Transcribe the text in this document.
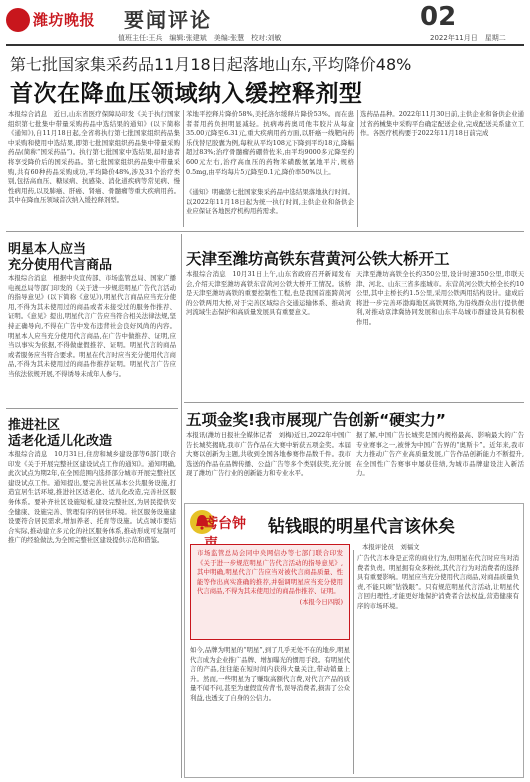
潍坊晚报 要闻评论
值班主任:王兵　编辑:张建斌　美编:张慧　校对:刘敏
02
2022年11月日　星期二
第七批国家集采药品11月18日起落地山东,平均降价48%
首次在降血压领域纳入缓控释剂型
本报综合消息　近日,山东省医疗保障局印发《关于执行国家组织第七批集中带量采购药品中选结果的通知》(以下简称《通知》),自11月18日起,全省将执行第七批国家组织药品集中采购和使用中选结果,即第七批国家组织药品集中带量采购药品(简称“国采药品”)。执行第七批国家中选结果,届时患者将享受降价后的国采药品。第七批国家组织药品集中带量采购,共有60种药品采购成功,平均降价48%,涉及31个治疗类别,包括高血压、糖尿病、抗感染、消化道疾病等常见病、慢性病用药,以及肺癌、肝癌、肾癌、骨髓瘤等重大疾病用药。其中在降血压领域首次纳入缓控释剂型。
苯地平控释片降价58%,美托洛尔缓释片降价53%。而在患者者用药负担明显减轻。抗病毒药奥司他韦胶片从每盒35.00元降至6.31元,重大疾病用药方面,以肝癌一线靶向药乐伐替尼胶囊为例,每粒从平均108元下降到平均18元,降幅超过83%;治疗骨髓瘤药硼替佐米,由平均9000多元降至约600元左右,治疗高血压的药物苯磺酸氨氯地平片,规格0.5mg,由平均每片5元降至0.1元,降价率50%以上。
《通知》明确第七批国家集采药品中选结果落地执行时间。以2022年11月18日起为统一执行时间,主供企业和备供企业应保证各地医疗机构用药需求。
选药品品种。2022年11月30日前,主供企业和备供企业通过省药械集中采购平台确定配送企业,完成配送关系建立工作。各医疗机构要于2022年11月18日前完成
明星本人应当
充分使用代言商品
本报综合消息　根据中央宣传部、市场监管总局、国家广播电视总局等部门印发的《关于进一步规范明星广告代言活动的指导意见》(以下简称《意见》),明星代言商品应当充分使用,不得为其未使用过的商品或者未接受过的服务作推荐、证明。《意见》提出,明星代言广告应当符合相关法律法规,坚持正确导向,不得在广告中发布违背社会良好风尚的内容。明星本人应当充分使用代言商品,在广告中做推荐、证明,应当以事实为依据,不得做虚假推荐、证明。明星代言的商品或者服务应当符合要求。明星在代言时应当充分使用代言商品,不得为其未使用过的商品作推荐证明。明星代言广告应当依法依规开展,不得诱导未成年人参与。
推进社区
适老化适儿化改造
本报综合消息　10月31日,住房和城乡建设部等6部门联合印发《关于开展完整社区建设试点工作的通知》。通知明确,此次试点为期2年,在全国范围内选择部分城市开展完整社区建设试点工作。通知提出,要完善社区基本公共服务设施,打造宜居生活环境,推进社区适老化、适儿化改造,完善社区服务体系。要补齐社区设施短板,建设完整社区,为居民提供安全健康、设施完善、管理有序的居住环境。社区服务设施建设要符合居民需求,增加养老、托育等设施。试点城市要结合实际,推动建立多元化的社区服务体系,推动形成可复制可推广的经验做法,为全国完整社区建设提供示范和借鉴。
天津至潍坊高铁东营黄河公铁大桥开工
本报综合消息　10月31日上午,山东省政府召开新闻发布会,介绍天津至潍坊高铁东营黄河公铁大桥开工情况。该桥是天津至潍坊高铁的重要控制性工程,也是我国首座跨黄河的公铁两用大桥,对于完善区域综合交通运输体系、推动黄河流域生态保护和高质量发展具有重要意义。
天津至潍坊高铁全长约350公里,设计时速350公里,串联天津、河北、山东三省多座城市。东营黄河公铁大桥全长约10公里,其中主桥长约1.5公里,采用公铁两用结构设计。建成后将进一步完善环渤海地区高铁网络,为沿线群众出行提供便利,对推动京津冀协同发展和山东半岛城市群建设具有积极作用。
五项金奖!我市展现广告创新“硬实力”
本报讯(潍坊日报社全媒体记者　刘梅)近日,2022年中国广告长城奖揭晓,我市广告作品在大赛中斩获五项金奖。本届大赛以创新为主题,共收到全国各地参赛作品数千件。我市选送的作品在品牌传播、公益广告等多个类别获奖,充分展现了潍坊广告行业的创新能力和专业水平。
据了解,中国广告长城奖是国内规格最高、影响最大的广告专业赛事之一,被誉为中国广告界的“奥斯卡”。近年来,我市大力推动广告产业高质量发展,广告作品创新能力不断提升,在全国性广告赛事中屡获佳绩,为城市品牌建设注入新活力。
鸢台钟	钻钱眼的明星代言该休矣
本报评论员　刘福文
市场监管总局会同中央网信办等七部门联合印发《关于进一步规范明星广告代言活动的指导意见》,其中明确,明星代言广告应当对被代言商品质量、性能等作出真实准确的推荐,并强调明星应当充分使用代言商品,不得为其未使用过的商品作推荐、证明。
(本报今日四版)
如今,品牌为明星的“明星”,到了几乎无处不在的地步,明星代言成为企业推广品牌、增加曝光的惯用手段。有明星代言的产品,往往能在短时间内获得大量关注,带动销量上升。然而,一些明星为了赚取高额代言费,对代言产品的质量不闻不问,甚至为虚假宣传背书,误导消费者,损害了公众利益,也透支了自身的公信力。
广告代言本身是正常的商业行为,但明星在代言时应当对消费者负责。明星拥有众多粉丝,其代言行为对消费者的选择具有重要影响。明星应当充分使用代言商品,对商品质量负责,不能只顾“钻钱眼”。只有规范明星代言活动,让明星代言回归理性,才能更好地保护消费者合法权益,营造健康有序的市场环境。
